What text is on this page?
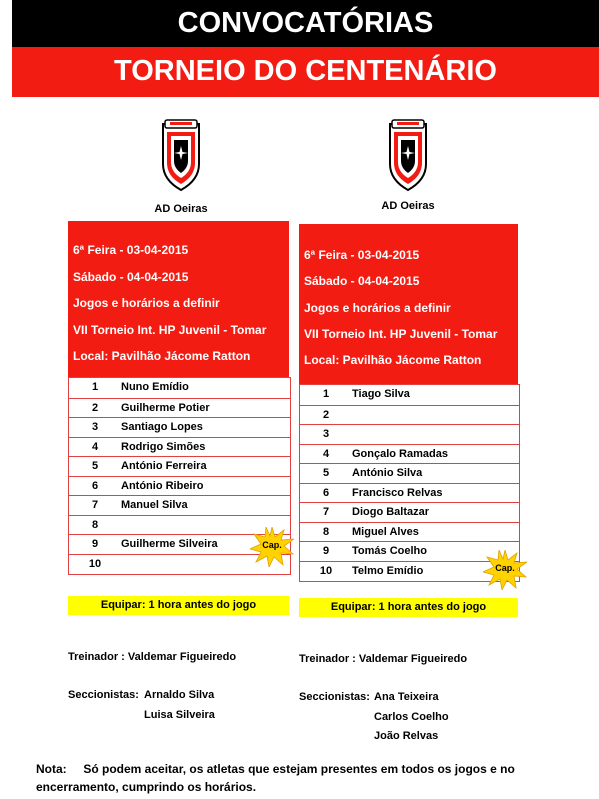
CONVOCATÓRIAS
TORNEIO DO CENTENÁRIO
AD Oeiras
6ª Feira - 03-04-2015
Sábado - 04-04-2015
Jogos e horários a definir
VII Torneio Int. HP Juvenil - Tomar
Local: Pavilhão Jácome Ratton
1	Nuno Emídio
2	Guilherme Potier
3	Santiago Lopes
4	Rodrigo Simões
5	António Ferreira
6	António Ribeiro
7	Manuel Silva
8
9	Guilherme Silveira
10
Cap.
Equipar: 1 hora antes do jogo
Treinador : Valdemar Figueiredo
Seccionistas: Arnaldo Silva
Luisa Silveira
AD Oeiras
6ª Feira - 03-04-2015
Sábado - 04-04-2015
Jogos e horários a definir
VII Torneio Int. HP Juvenil - Tomar
Local: Pavilhão Jácome Ratton
1	Tiago Silva
2
3
4	Gonçalo Ramadas
5	António Silva
6	Francisco Relvas
7	Diogo Baltazar
8	Miguel Alves
9	Tomás Coelho
10 Telmo Emídio	Cap.
Equipar: 1 hora antes do jogo
Treinador : Valdemar Figueiredo
Seccionistas: Ana Teixeira
Carlos Coelho
João Relvas
Nota: Só podem aceitar, os atletas que estejam presentes em todos os jogos e no encerramento, cumprindo os horários.
